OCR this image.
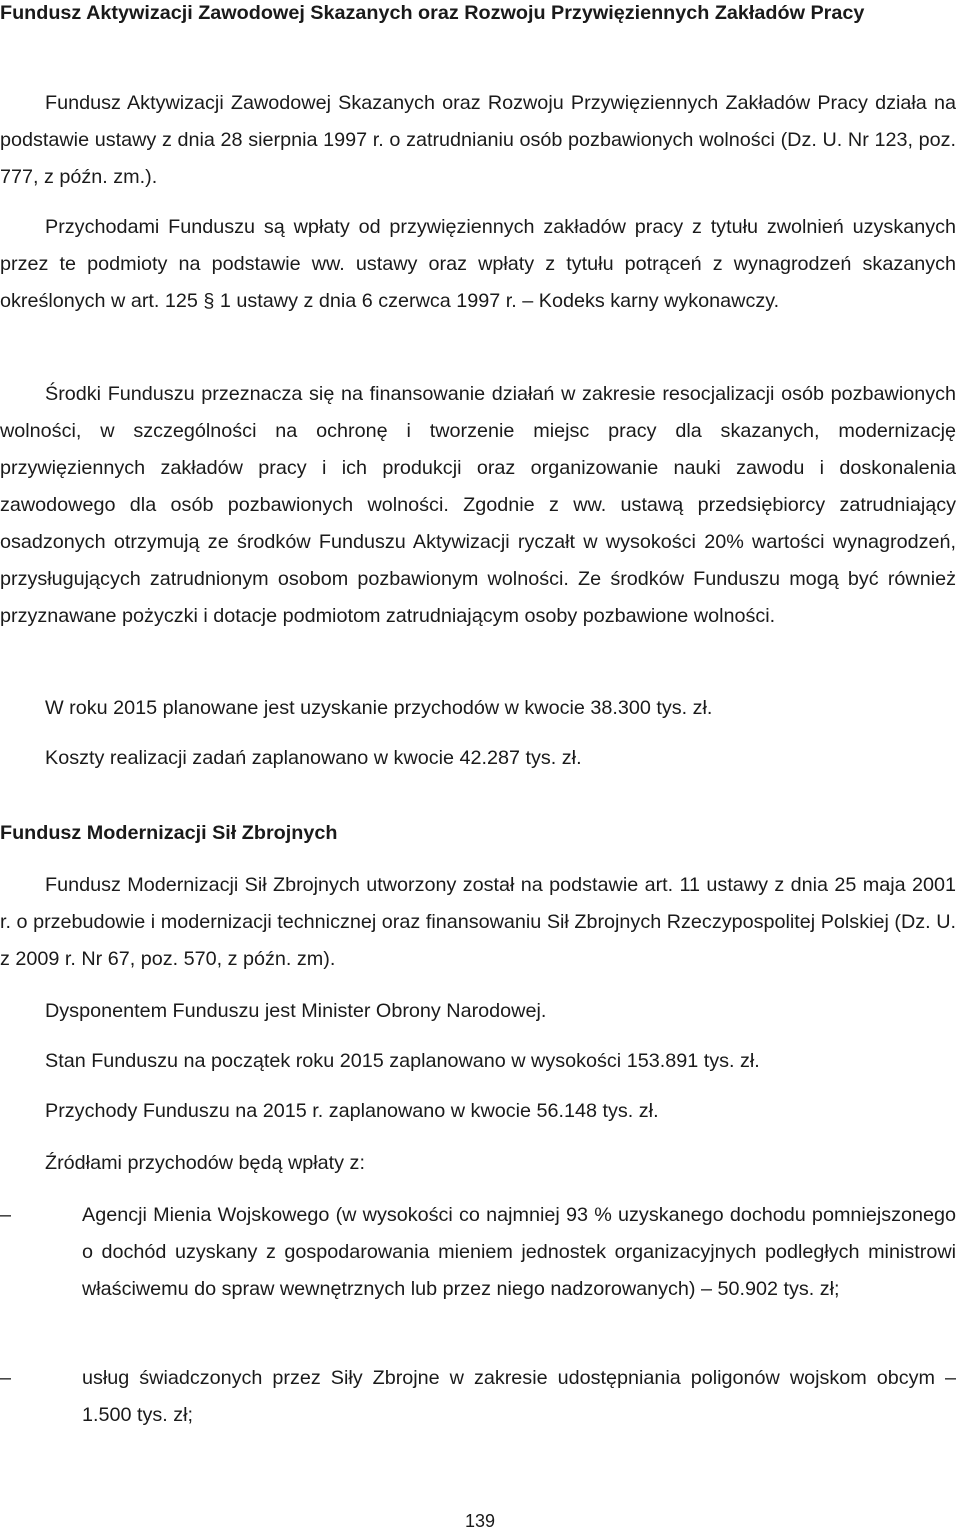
Fundusz Aktywizacji Zawodowej Skazanych oraz Rozwoju Przywięziennych Zakładów Pracy

Fundusz Aktywizacji Zawodowej Skazanych oraz Rozwoju Przywięziennych Zakładów Pracy działa na podstawie ustawy z dnia 28 sierpnia 1997 r. o zatrudnianiu osób pozbawionych wolności (Dz. U. Nr 123, poz. 777, z późn. zm.).

Przychodami Funduszu są wpłaty od przywięziennych zakładów pracy z tytułu zwolnień uzyskanych przez te podmioty na podstawie ww. ustawy oraz wpłaty z tytułu potrąceń z wynagrodzeń skazanych określonych w art. 125 § 1 ustawy z dnia 6 czerwca 1997 r. – Kodeks karny wykonawczy.

Środki Funduszu przeznacza się na finansowanie działań w zakresie resocjalizacji osób pozbawionych wolności, w szczególności na ochronę i tworzenie miejsc pracy dla skazanych, modernizację przywięziennych zakładów pracy i ich produkcji oraz organizowanie nauki zawodu i doskonalenia zawodowego dla osób pozbawionych wolności. Zgodnie z ww. ustawą przedsiębiorcy zatrudniający osadzonych otrzymują ze środków Funduszu Aktywizacji ryczałt w wysokości 20% wartości wynagrodzeń, przysługujących zatrudnionym osobom pozbawionym wolności. Ze środków Funduszu mogą być również przyznawane pożyczki i dotacje podmiotom zatrudniającym osoby pozbawione wolności.

W roku 2015 planowane jest uzyskanie przychodów w kwocie 38.300 tys. zł.

Koszty realizacji zadań zaplanowano w kwocie 42.287 tys. zł.

Fundusz Modernizacji Sił Zbrojnych

Fundusz Modernizacji Sił Zbrojnych utworzony został na podstawie art. 11 ustawy z dnia 25 maja 2001 r. o przebudowie i modernizacji technicznej oraz finansowaniu Sił Zbrojnych Rzeczypospolitej Polskiej (Dz. U. z 2009 r. Nr 67, poz. 570, z późn. zm).

Dysponentem Funduszu jest Minister Obrony Narodowej.

Stan Funduszu na początek roku 2015 zaplanowano w wysokości 153.891 tys. zł.

Przychody Funduszu na 2015 r. zaplanowano w kwocie 56.148 tys. zł.

Źródłami przychodów będą wpłaty z:

–	Agencji Mienia Wojskowego (w wysokości co najmniej 93 % uzyskanego dochodu pomniejszonego o dochód uzyskany z gospodarowania mieniem jednostek organizacyjnych podległych ministrowi właściwemu do spraw wewnętrznych lub przez niego nadzorowanych) – 50.902 tys. zł;

–	usług świadczonych przez Siły Zbrojne w zakresie udostępniania poligonów wojskom obcym – 1.500 tys. zł;

139
